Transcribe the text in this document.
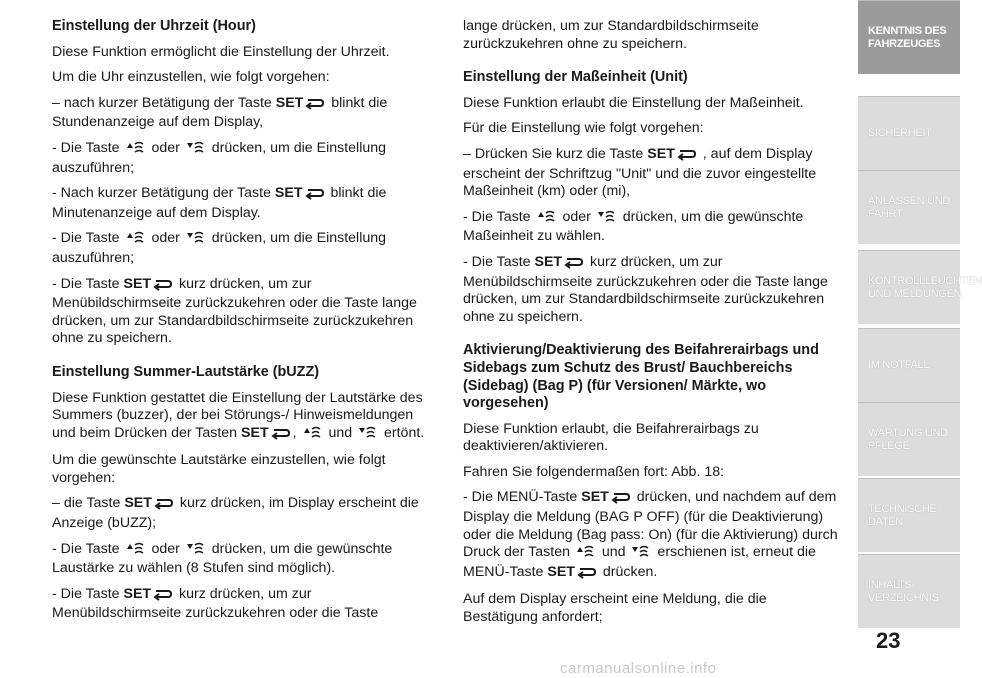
Einstellung der Uhrzeit (Hour)

Diese Funktion ermöglicht die Einstellung der Uhrzeit.

Um die Uhr einzustellen, wie folgt vorgehen:

– nach kurzer Betätigung der Taste SET blinkt die Stundenanzeige auf dem Display,

- Die Taste  oder  drücken, um die Einstellung auszuführen;

- Nach kurzer Betätigung der Taste SET blinkt die Minutenanzeige auf dem Display.

- Die Taste  oder  drücken, um die Einstellung auszuführen;

- Die Taste SET kurz drücken, um zur Menübildschirmseite zurückzukehren oder die Taste lange drücken, um zur Standardbildschirmseite zurückzukehren ohne zu speichern.

Einstellung Summer-Lautstärke (bUZZ)

Diese Funktion gestattet die Einstellung der Lautstärke des Summers (buzzer), der bei Störungs-/ Hinweismeldungen und beim Drücken der Tasten SET ,  und  ertönt.

Um die gewünschte Lautstärke einzustellen, wie folgt vorgehen:

– die Taste SET kurz drücken, im Display erscheint die Anzeige (bUZZ);

- Die Taste  oder  drücken, um die gewünschte Laustärke zu wählen (8 Stufen sind möglich).

- Die Taste SET kurz drücken, um zur Menübildschirmseite zurückzukehren oder die Taste

lange drücken, um zur Standardbildschirmseite zurückzukehren ohne zu speichern.

Einstellung der Maßeinheit (Unit)

Diese Funktion erlaubt die Einstellung der Maßeinheit.

Für die Einstellung wie folgt vorgehen:

– Drücken Sie kurz die Taste SET , auf dem Display erscheint der Schriftzug "Unit" und die zuvor eingestellte Maßeinheit (km) oder (mi),

- Die Taste  oder  drücken, um die gewünschte Maßeinheit zu wählen.

- Die Taste SET kurz drücken, um zur Menübildschirmseite zurückzukehren oder die Taste lange drücken, um zur Standardbildschirmseite zurückzukehren ohne zu speichern.

Aktivierung/Deaktivierung des Beifahrerairbags und Sidebags zum Schutz des Brust/ Bauchbereichs (Sidebag) (Bag P) (für Versionen/ Märkte, wo vorgesehen)

Diese Funktion erlaubt, die Beifahrerairbags zu deaktivieren/aktivieren.

Fahren Sie folgendermaßen fort: Abb. 18:

- Die MENÜ-Taste SET drücken, und nachdem auf dem Display die Meldung (BAG P OFF) (für die Deaktivierung) oder die Meldung (Bag pass: On) (für die Aktivierung) durch Druck der Tasten  und  erschienen ist, erneut die MENÜ-Taste SET drücken.

Auf dem Display erscheint eine Meldung, die die Bestätigung anfordert;

KENNTNIS DES FAHRZEUGES
SICHERHEIT
ANLASSEN UND FAHRT
KONTROLLLEUCHTEN UND MELDUNGEN
IM NOTFALL
WARTUNG UND PFLEGE
TECHNISCHE DATEN
INHALTS-VERZEICHNIS
23
carmanualsonline.info
